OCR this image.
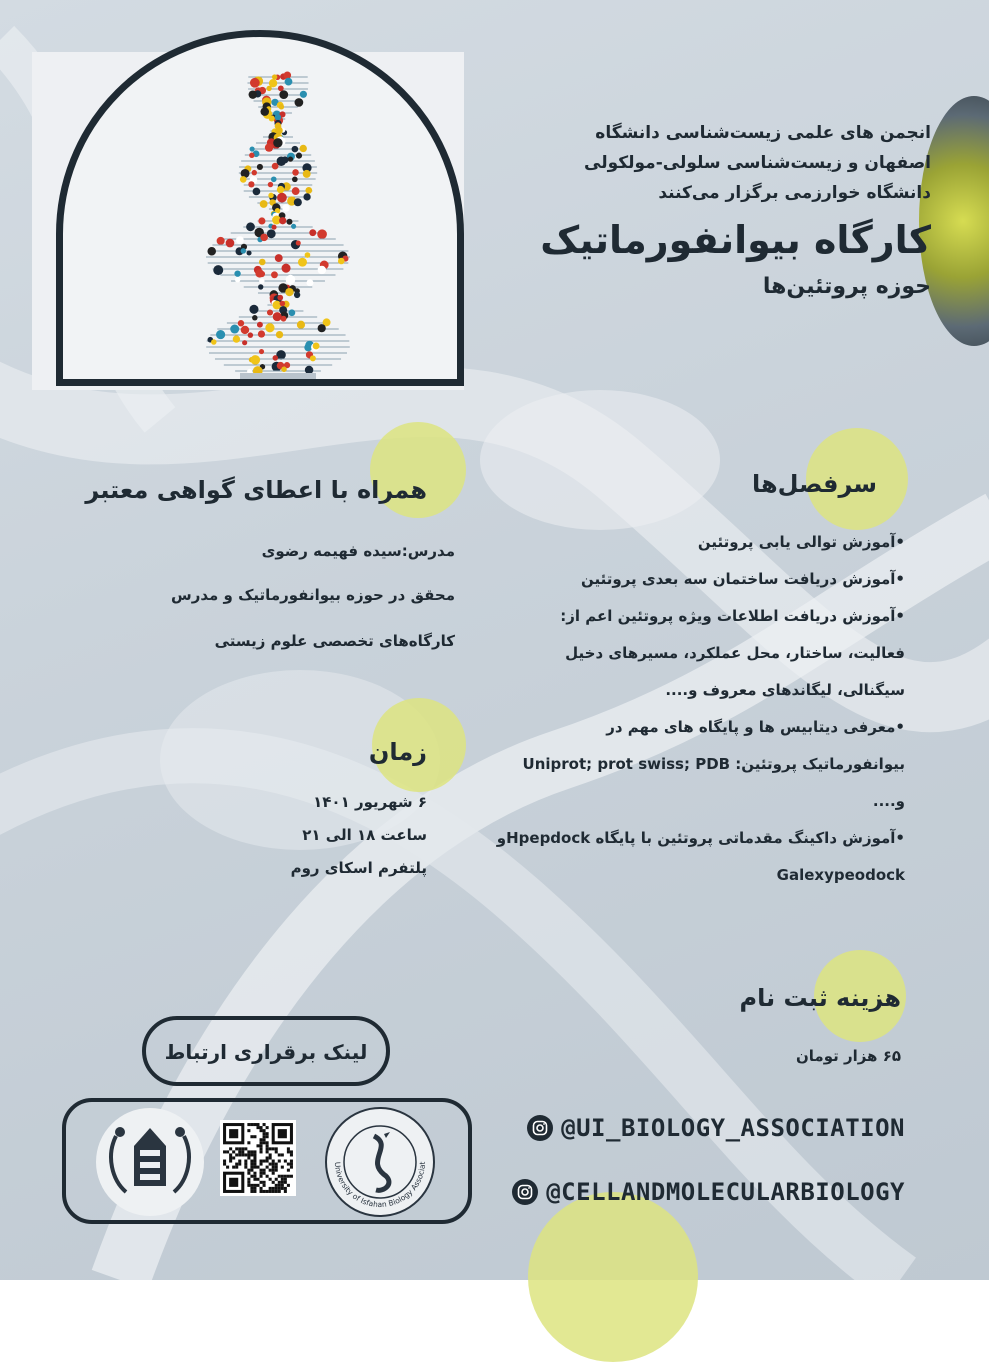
انجمن های علمی زیست‌شناسی دانشگاه

اصفهان و زیست‌شناسی سلولی-مولکولی

دانشگاه خوارزمی برگزار می‌کنند

کارگاه بیوانفورماتیک

حوزه پروتئین‌ها

همراه با اعطای گواهی معتبر

مدرس:سیده فهیمه رضوی

محقق در حوزه بیوانفورماتیک و مدرس

کارگاه‌های تخصصی علوم زیستی

زمان

۶ شهریور ۱۴۰۱

ساعت ۱۸ الی ۲۱

پلتفرم اسکای روم

سرفصل‌ها

•آموزش توالی یابی پروتئین

•آموزش دریافت ساختمان سه بعدی پروتئین

•آموزش دریافت اطلاعات ویژه پروتئین اعم از:

فعالیت، ساختار، محل عملکرد، مسیرهای دخیل

سیگنالی، لیگاندهای معروف و....

•معرفی دیتابیس ها و پایگاه های مهم در

بیوانفورماتیک پروتئین: Uniprot; prot swiss; PDB

و....

•آموزش داکینگ مقدماتی پروتئین با پایگاه Hpepdockو

Galexypeodock

هزینه ثبت نام

۶۵ هزار تومان

لینک برقراری ارتباط
University of Isfahan Biology Associat
@UI_BIOLOGY_ASSOCIATION
@CELLANDMOLECULARBIOLOGY
